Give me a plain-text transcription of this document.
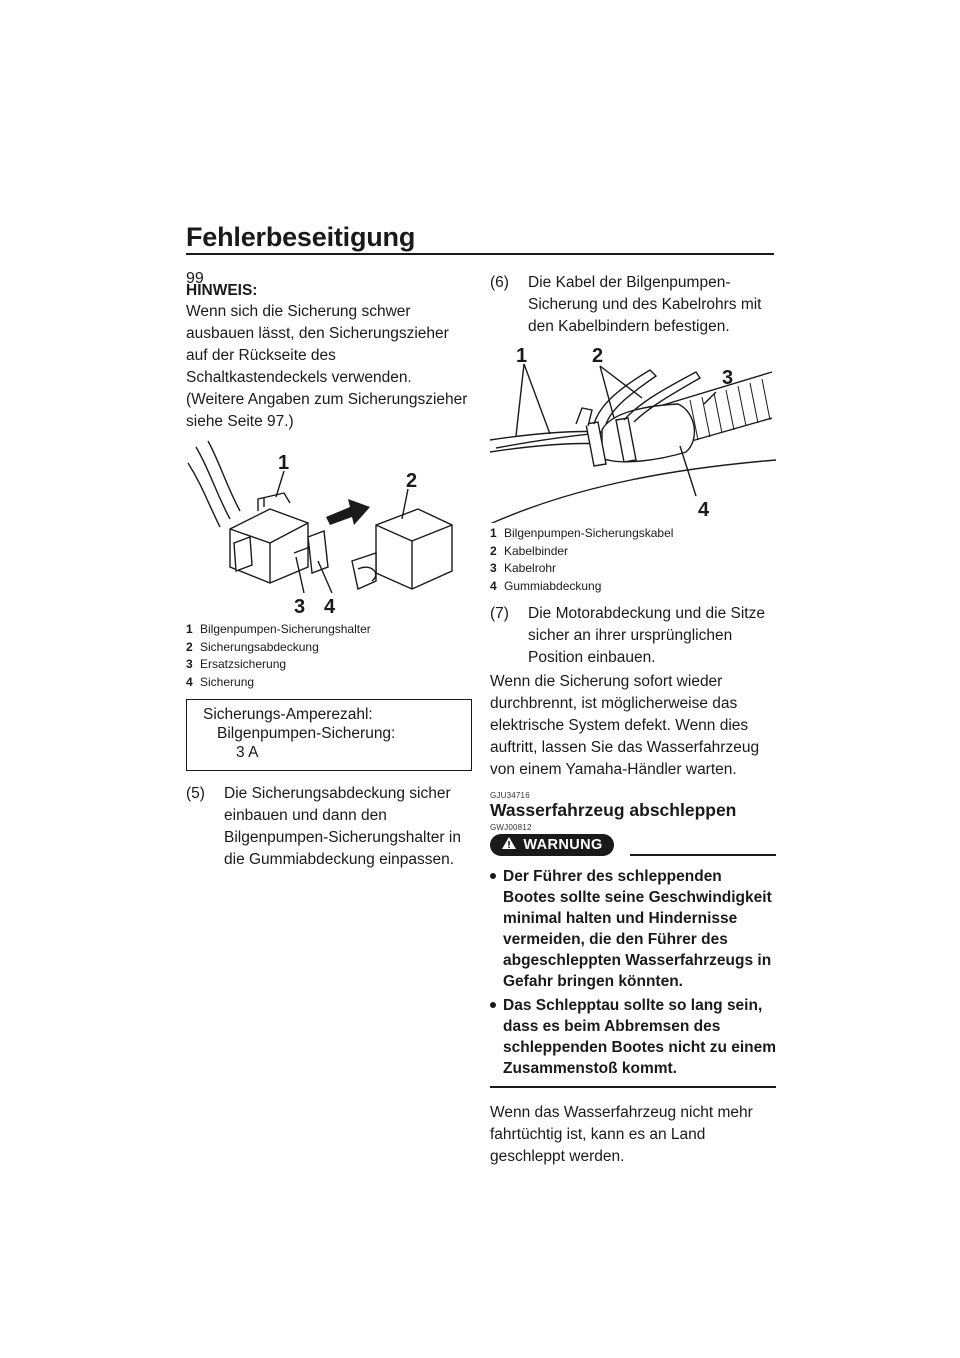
Fehlerbeseitigung
99
HINWEIS:
Wenn sich die Sicherung schwer ausbauen lässt, den Sicherungszieher auf der Rückseite des Schaltkastendeckels verwenden. (Weitere Angaben zum Sicherungszieher siehe Seite 97.)
1
2
3 4
1 Bilgenpumpen-Sicherungshalter
2 Sicherungsabdeckung
3 Ersatzsicherung
4 Sicherung
Sicherungs-Amperezahl:
Bilgenpumpen-Sicherung:
3 A
(5) Die Sicherungsabdeckung sicher einbauen und dann den Bilgenpumpen-Sicherungshalter in die Gummiabdeckung einpassen.
(6) Die Kabel der Bilgenpumpen-Sicherung und des Kabelrohrs mit den Kabelbindern befestigen.
1	2
3
4
1 Bilgenpumpen-Sicherungskabel
2 Kabelbinder
3 Kabelrohr
4 Gummiabdeckung
(7) Die Motorabdeckung und die Sitze sicher an ihrer ursprünglichen Position einbauen.
Wenn die Sicherung sofort wieder durchbrennt, ist möglicherweise das elektrische System defekt. Wenn dies auftritt, lassen Sie das Wasserfahrzeug von einem Yamaha-Händler warten.
GJU34716
Wasserfahrzeug abschleppen
GWJ00812
WARNUNG
Der Führer des schleppenden Bootes sollte seine Geschwindigkeit minimal halten und Hindernisse vermeiden, die den Führer des abgeschleppten Wasserfahrzeugs in Gefahr bringen könnten.
Das Schlepptau sollte so lang sein, dass es beim Abbremsen des schleppenden Bootes nicht zu einem Zusammenstoß kommt.
Wenn das Wasserfahrzeug nicht mehr fahrtüchtig ist, kann es an Land geschleppt werden.
